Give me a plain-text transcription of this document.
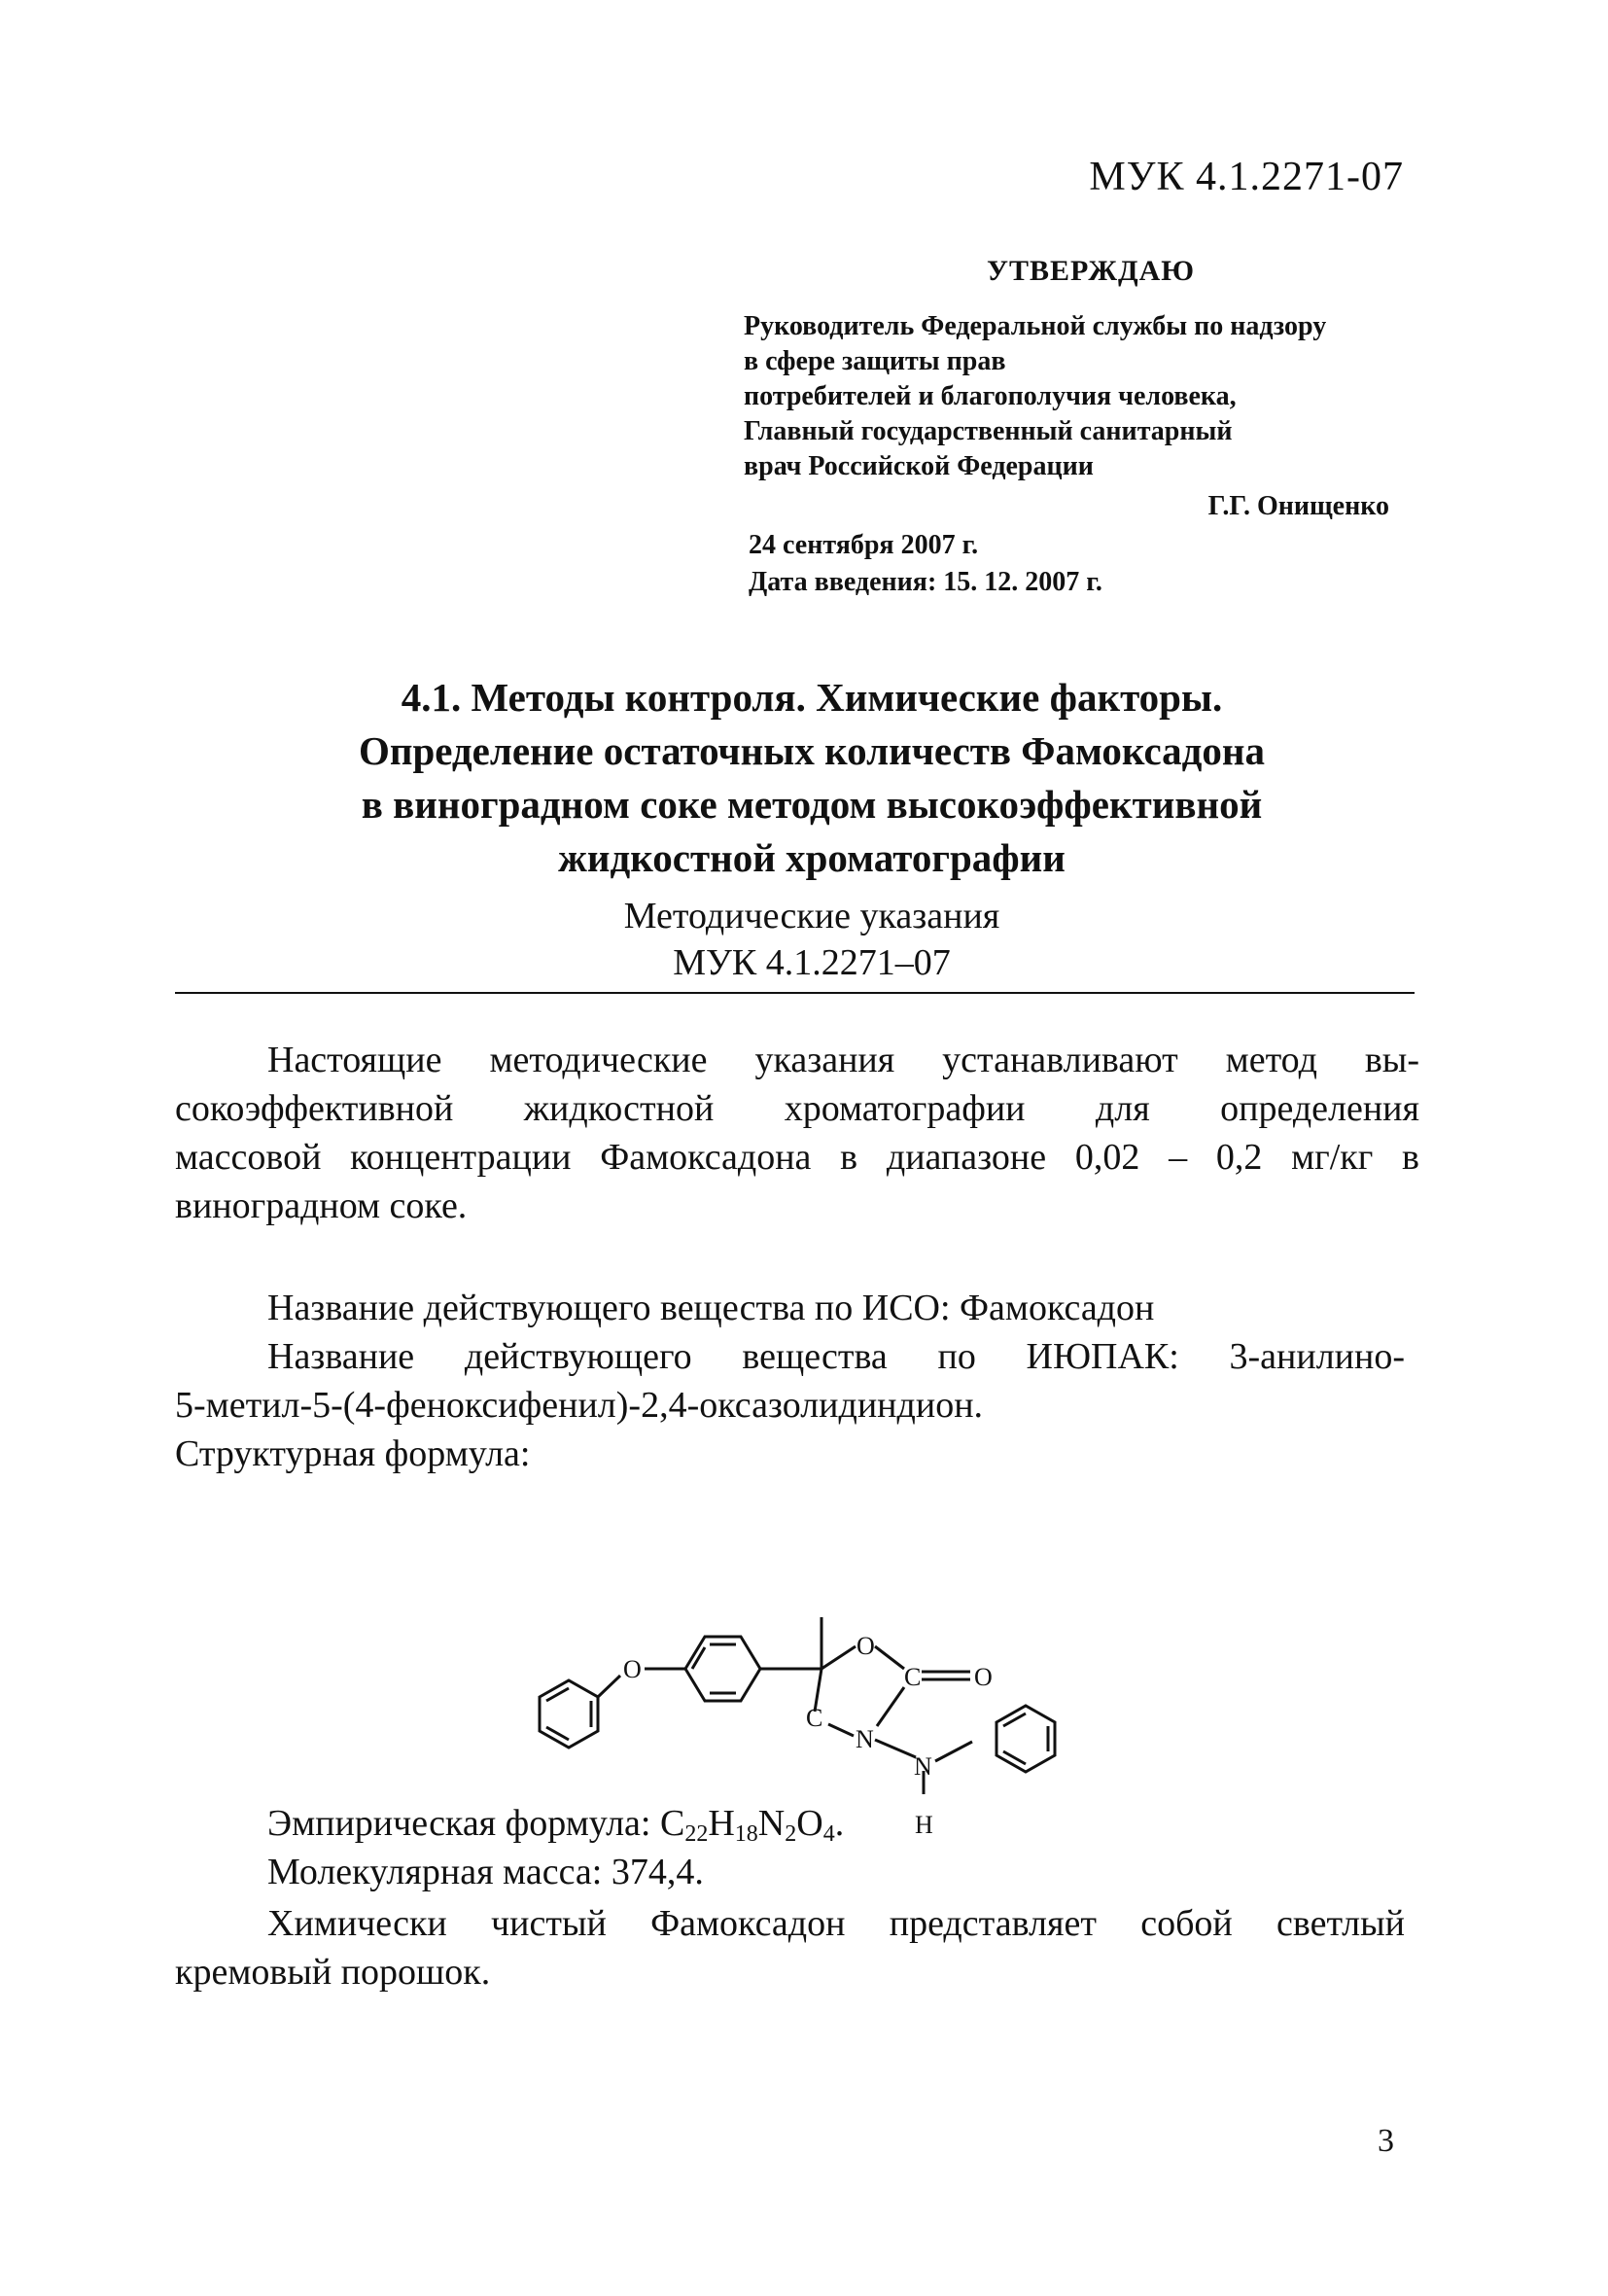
МУК 4.1.2271-07
УТВЕРЖДАЮ
Руководитель Федеральной службы по надзору
в сфере защиты прав
потребителей и благополучия человека,
Главный государственный санитарный
врач Российской Федерации
Г.Г. Онищенко
24 сентября 2007 г.
Дата введения: 15. 12. 2007 г.
4.1. Методы контроля. Химические факторы.
Определение остаточных количеств Фамоксадона
в винoградном соке методом высокоэффективной
жидкостной хроматографии
Методические указания
МУК 4.1.2271–07
Настоящие методические указания устанавливают метод вы-
сокоэффективной жидкостной хроматографии для определения
массовой концентрации Фамоксадона в диапазоне 0,02 – 0,2 мг/кг в
виноградном соке.
Название действующего вещества по ИСО: Фамоксадон
Название действующего вещества по ИЮПАК: 3-анилино-
5-метил-5-(4-феноксифенил)-2,4-оксазолидиндион.
Структурная формула:
O
O
C O
C
N
N
H
Эмпирическая формула: $C_{22}H_{18}N_2O_4$.
Молекулярная масса: 374,4.
Химически чистый Фамоксадон представляет собой светлый
кремовый порошок.
3
